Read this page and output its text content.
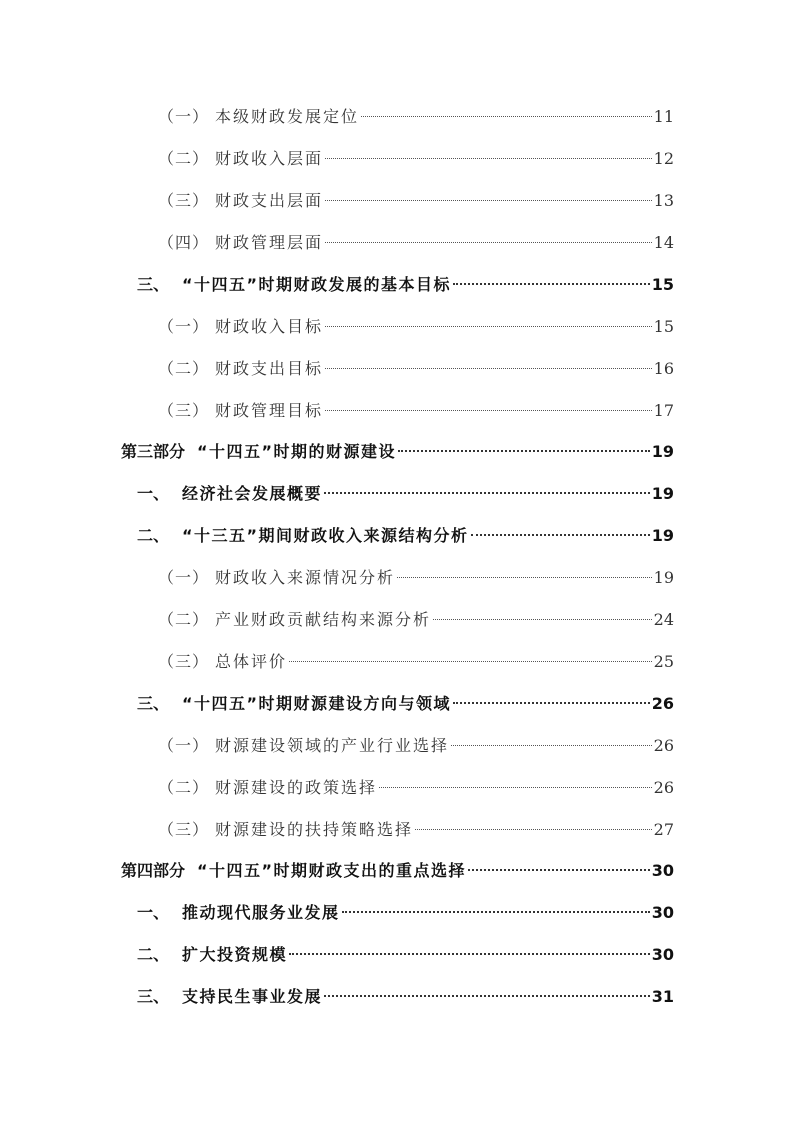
（一） 本级财政发展定位	11
（二） 财政收入层面	12
（三） 财政支出层面	13
（四） 财政管理层面	14
三、 “十四五”时期财政发展的基本目标	15
（一） 财政收入目标	15
（二） 财政支出目标	16
（三） 财政管理目标	17
第三部分 “十四五”时期的财源建设	19
一、 经济社会发展概要	19
二、 “十三五”期间财政收入来源结构分析	19
（一） 财政收入来源情况分析	19
（二） 产业财政贡献结构来源分析	24
（三） 总体评价	25
三、 “十四五”时期财源建设方向与领域	26
（一） 财源建设领域的产业行业选择	26
（二） 财源建设的政策选择	26
（三） 财源建设的扶持策略选择	27
第四部分 “十四五”时期财政支出的重点选择	30
一、 推动现代服务业发展	30
二、 扩大投资规模	30
三、 支持民生事业发展	31
